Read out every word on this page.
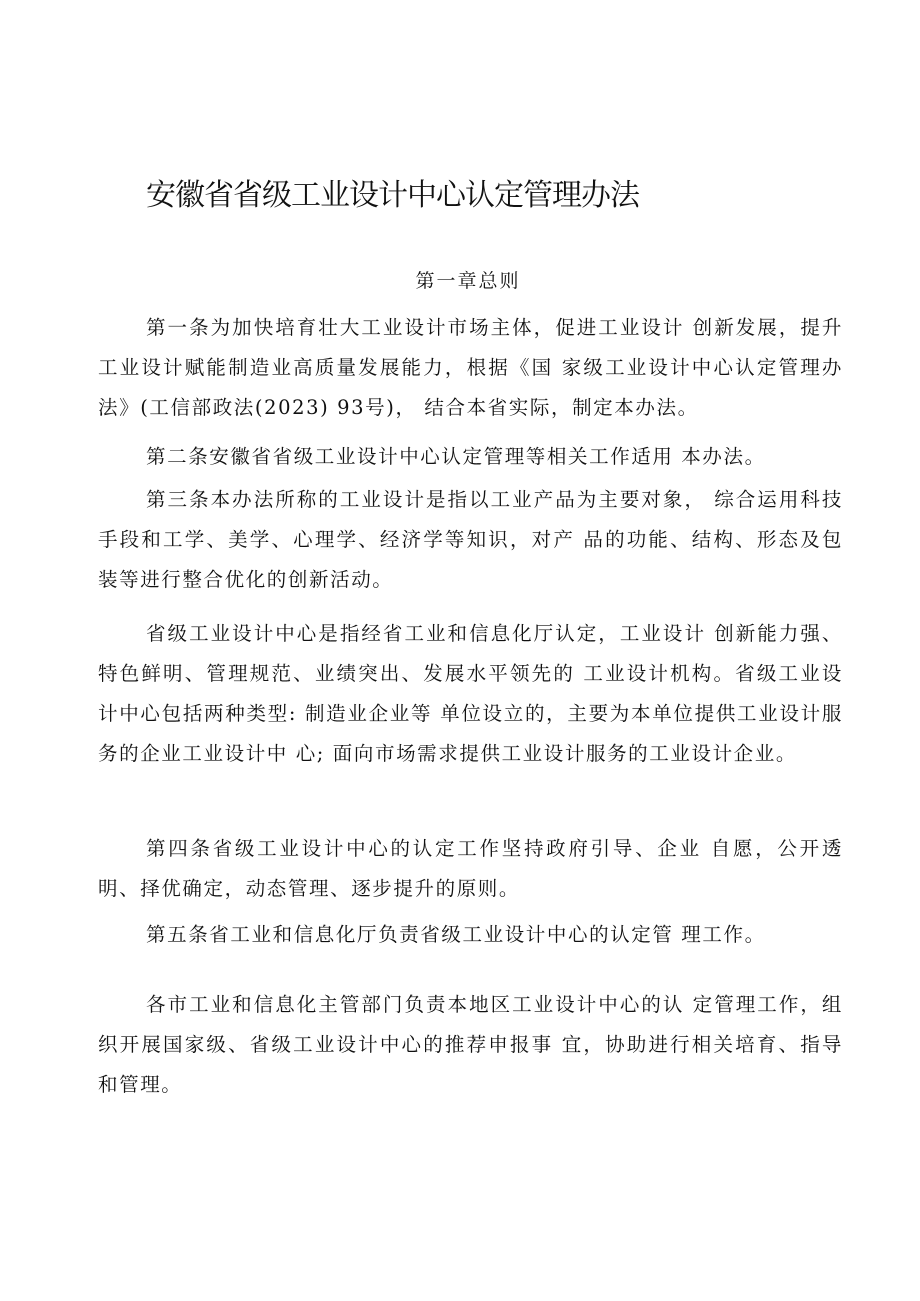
安徽省省级工业设计中心认定管理办法
第一章总则

第一条为加快培育壮大工业设计市场主体，促进工业设计 创新发展，提升工业设计赋能制造业高质量发展能力，根据《国 家级工业设计中心认定管理办法》(工信部政法(2023) 93号)， 结合本省实际，制定本办法。

第二条安徽省省级工业设计中心认定管理等相关工作适用 本办法。

第三条本办法所称的工业设计是指以工业产品为主要对象， 综合运用科技手段和工学、美学、心理学、经济学等知识，对产 品的功能、结构、形态及包装等进行整合优化的创新活动。

省级工业设计中心是指经省工业和信息化厅认定，工业设计 创新能力强、特色鲜明、管理规范、业绩突出、发展水平领先的 工业设计机构。省级工业设计中心包括两种类型: 制造业企业等 单位设立的，主要为本单位提供工业设计服务的企业工业设计中 心; 面向市场需求提供工业设计服务的工业设计企业。

第四条省级工业设计中心的认定工作坚持政府引导、企业 自愿，公开透明、择优确定，动态管理、逐步提升的原则。

第五条省工业和信息化厅负责省级工业设计中心的认定管 理工作。

各市工业和信息化主管部门负责本地区工业设计中心的认 定管理工作，组织开展国家级、省级工业设计中心的推荐申报事 宜，协助进行相关培育、指导和管理。
